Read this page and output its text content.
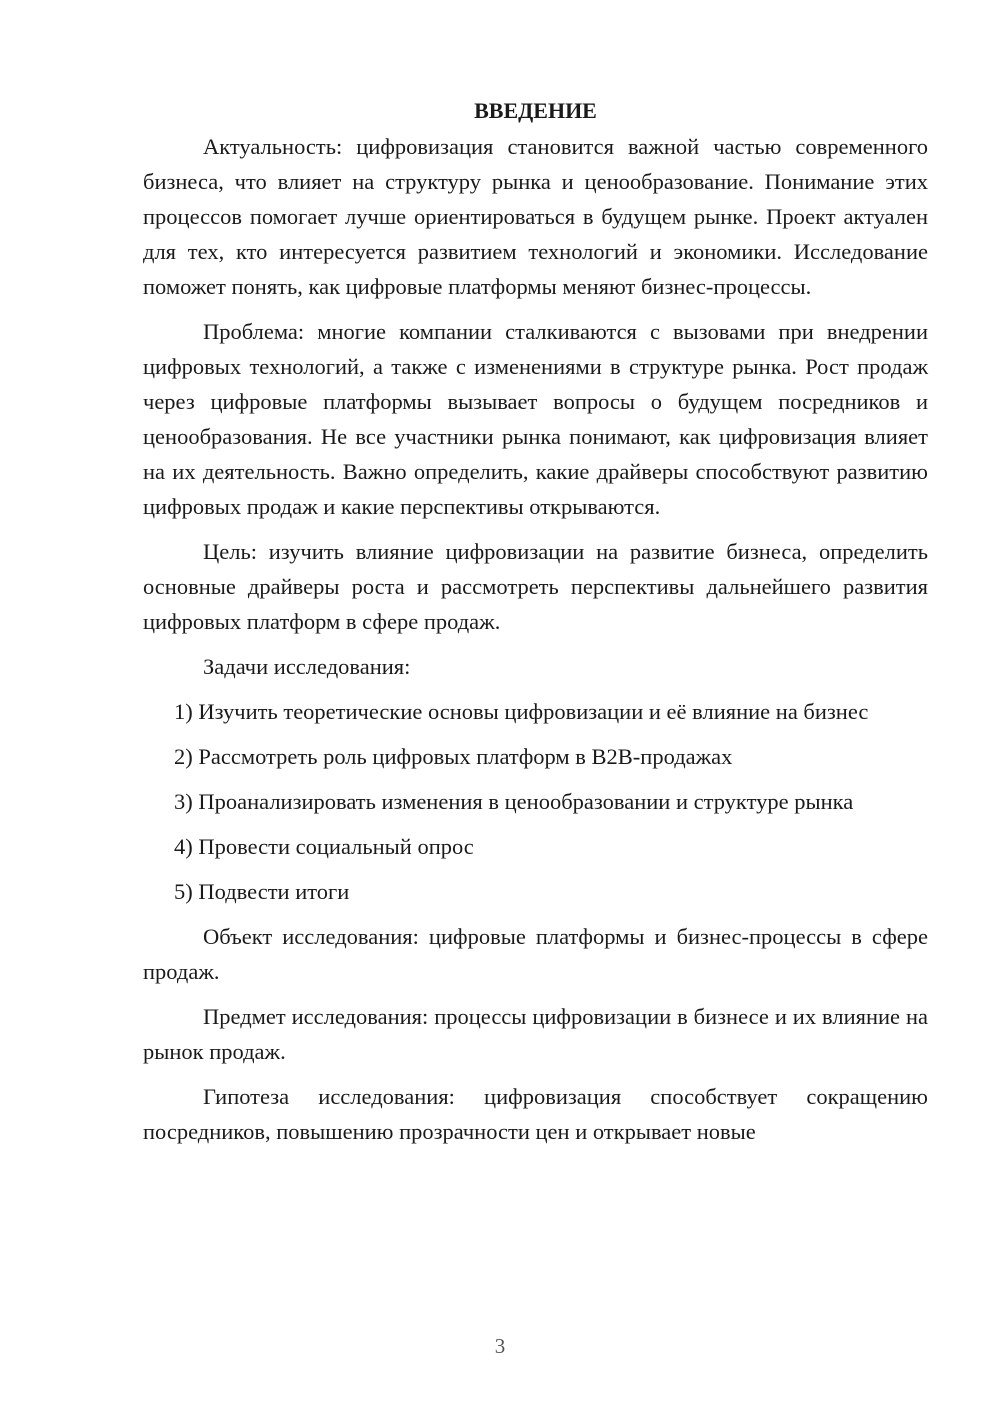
ВВЕДЕНИЕ

Актуальность: цифровизация становится важной частью современного бизнеса, что влияет на структуру рынка и ценообразование. Понимание этих процессов помогает лучше ориентироваться в будущем рынке. Проект актуален для тех, кто интересуется развитием технологий и экономики. Исследование поможет понять, как цифровые платформы меняют бизнес-процессы.

Проблема: многие компании сталкиваются с вызовами при внедрении цифровых технологий, а также с изменениями в структуре рынка. Рост продаж через цифровые платформы вызывает вопросы о будущем посредников и ценообразования. Не все участники рынка понимают, как цифровизация влияет на их деятельность. Важно определить, какие драйверы способствуют развитию цифровых продаж и какие перспективы открываются.

Цель: изучить влияние цифровизации на развитие бизнеса, определить основные драйверы роста и рассмотреть перспективы дальнейшего развития цифровых платформ в сфере продаж.

Задачи исследования:

1) Изучить теоретические основы цифровизации и её влияние на бизнес

2) Рассмотреть роль цифровых платформ в B2B-продажах

3) Проанализировать изменения в ценообразовании и структуре рынка

4) Провести социальный опрос

5) Подвести итоги

Объект исследования: цифровые платформы и бизнес-процессы в сфере продаж.

Предмет исследования: процессы цифровизации в бизнесе и их влияние на рынок продаж.

Гипотеза исследования: цифровизация способствует сокращению посредников, повышению прозрачности цен и открывает новые

3
